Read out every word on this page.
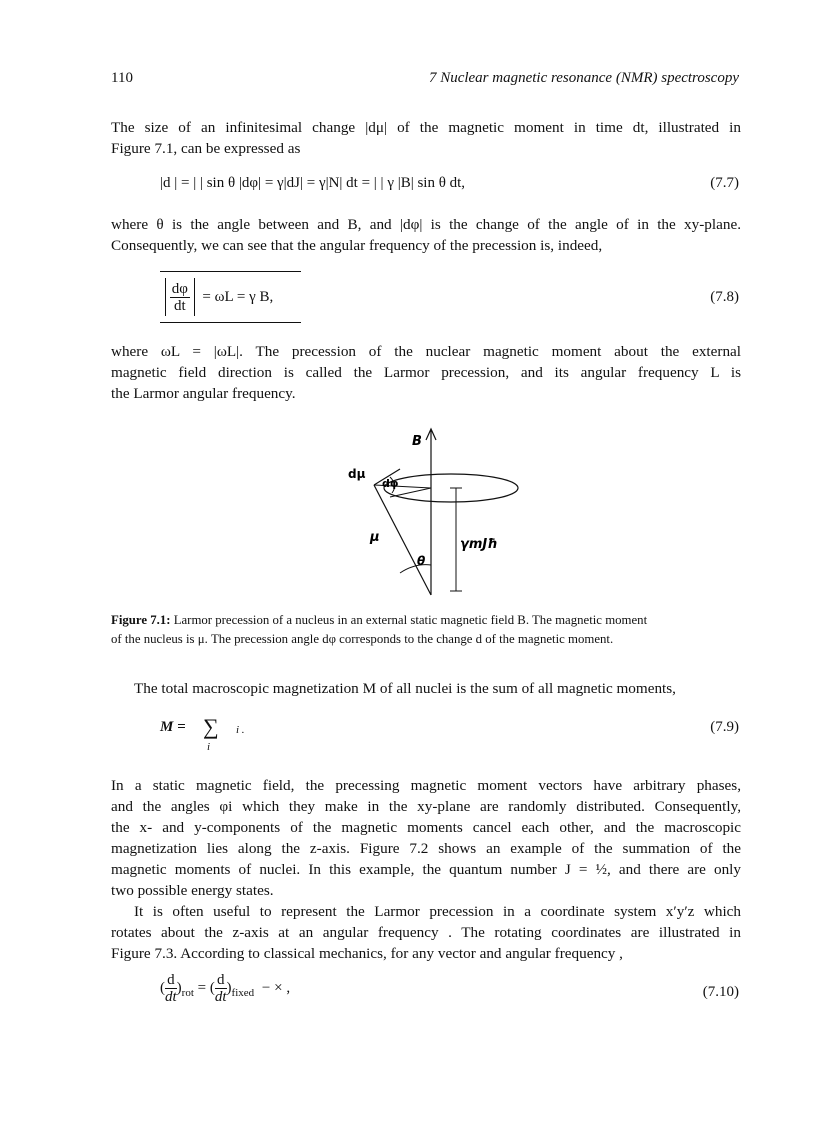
110	7 Nuclear magnetic resonance (NMR) spectroscopy
The size of an infinitesimal change |dμ| of the magnetic moment in time dt, illustrated in
Figure 7.1, can be expressed as
|d | = | | sin θ |dφ| = γ|dJ| = γ|N| dt = | | γ |B| sin θ dt,	(7.7)
where θ is the angle between and B, and |dφ| is the change of the angle of in the xy-plane.
Consequently, we can see that the angular frequency of the precession is, indeed,

$\frac{d\varphi}{dt} = \omega L = \gamma$ B,	(7.8)
where ωL = |ωL|. The precession of the nuclear magnetic moment about the external
magnetic field direction is called the Larmor precession, and its angular frequency L is
the Larmor angular frequency.
B
dμ
dφ
μ
θ
γmJħ
Figure 7.1: Larmor precession of a nucleus in an external static magnetic field B. The magnetic moment
of the nucleus is μ. The precession angle dφ corresponds to the change d of the magnetic moment.
The total macroscopic magnetization M of all nuclei is the sum of all magnetic moments,
M = ∑
i
i .	(7.9)
In a static magnetic field, the precessing magnetic moment vectors have arbitrary phases,
and the angles φi which they make in the xy-plane are randomly distributed. Consequently,
the x- and y-components of the magnetic moments cancel each other, and the macroscopic
magnetization lies along the z-axis. Figure 7.2 shows an example of the summation of the
magnetic moments of nuclei. In this example, the quantum number J = ½, and there are only
two possible energy states.
It is often useful to represent the Larmor precession in a coordinate system x′y′z which
rotates about the z-axis at an angular frequency . The rotating coordinates are illustrated in
Figure 7.3. According to classical mechanics, for any vector and angular frequency ,
( $\frac{d}{dt} )_{rot}$ = ( $\frac{d}{dt} )_{fixed}$ − × ,	(7.10)
